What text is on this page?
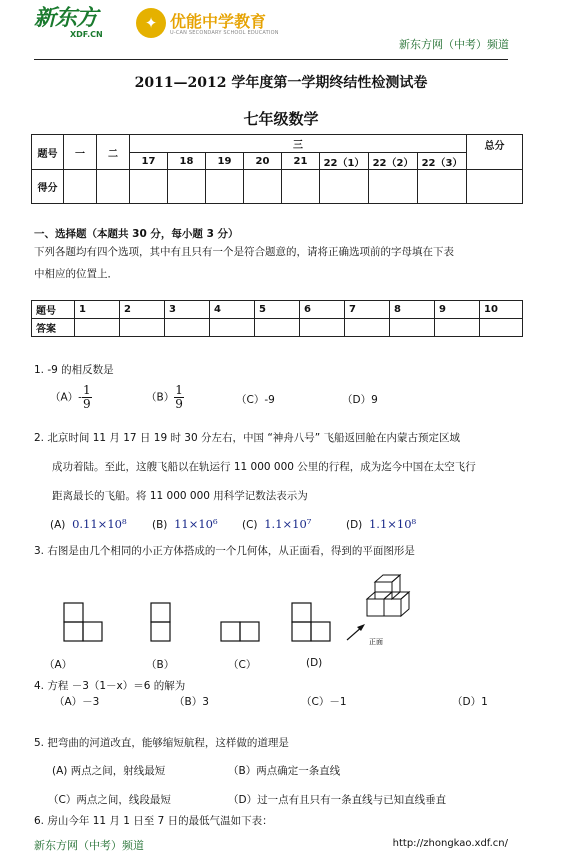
新东方
XDF.CN
✦ 优能中学教育
U-CAN SECONDARY SCHOOL EDUCATION
新东方网（中考）频道
2011—2012 学年度第一学期终结性检测试卷
七年级数学
题号	一	二	三								总分
			17	18	19	20	21	22（1）	22（2）	22（3）	
得分											
一、选择题（本题共 30 分，每小题 3 分）
下列各题均有四个选项，其中有且只有一个是符合题意的，请将正确选项前的字母填在下表
中相应的位置上．
题号	1	2	3	4	5	6	7	8	9	10
答案										
1. -9 的相反数是
$(A)- \frac{1}{9}$	$(B) \frac{1}{9}$	（C）-9	（D）9
2. 北京时间 11 月 17 日 19 时 30 分左右，中国 “神舟八号” 飞船返回舱在内蒙古预定区域
成功着陆。至此，这艘飞船以在轨运行 11 000 000 公里的行程，成为迄今中国在太空飞行
距离最长的飞船。将 11 000 000 用科学记数法表示为
(A) 0.11×10⁸ (B) 11×10⁶ (C) 1.1×10⁷	(D) 1.1×10⁸
3. 右图是由几个相同的小正方体搭成的一个几何体，从正面看，得到的平面图形是
正面
（A）	（B）	（C）	(D)
4. 方程 －3（1－x）＝6 的解为
（A）－3	（B）3	（C）－1	（D）1
5. 把弯曲的河道改直，能够缩短航程，这样做的道理是
(A) 两点之间，射线最短	（B）两点确定一条直线
（C）两点之间，线段最短	（D）过一点有且只有一条直线与已知直线垂直
6. 房山今年 11 月 1 日至 7 日的最低气温如下表：
新东方网（中考）频道	http://zhongkao.xdf.cn/
